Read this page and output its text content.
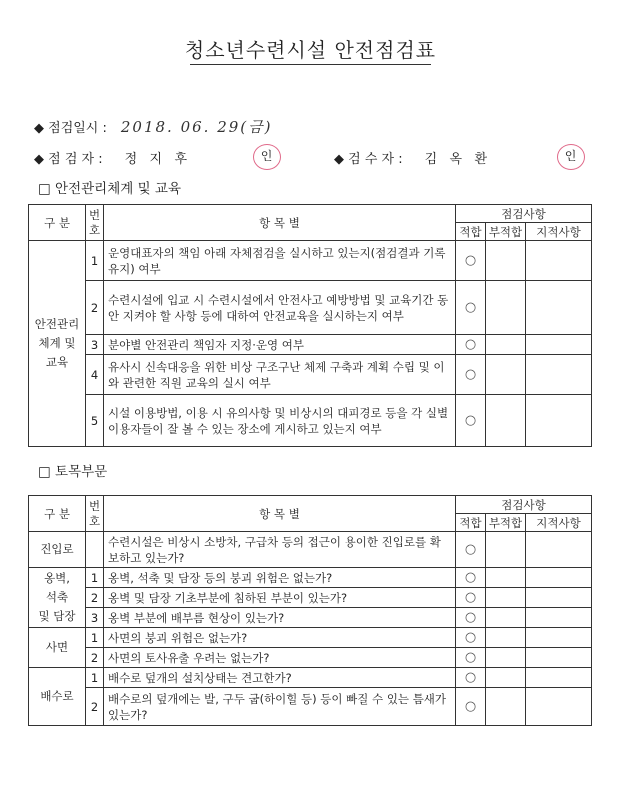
청소년수련시설 안전점검표
◆ 점검일시 : 2018. 06. 29(금)
◆ 점 검 자 : 정   지   후	인	◆ 검 수 자 : 김   옥   환	인
□ 안전관리체계 및 교육
구 분	번
호	항 목 별	점검사항		
			적합	부적합	지적사항
안전관리
체계 및
교육	1	운영대표자의 책임 아래 자체점검을 실시하고 있는지(점검결과 기록유지) 여부	○		
	2	수련시설에 입교 시 수련시설에서 안전사고 예방방법 및 교육기간 동안 지켜야 할 사항 등에 대하여 안전교육을 실시하는지 여부	○		
	3	분야별 안전관리 책임자 지정·운영 여부	○		
	4	유사시 신속대응을 위한 비상 구조구난 체제 구축과 계획 수립 및 이와 관련한 직원 교육의 실시 여부	○		
	5	시설 이용방법, 이용 시 유의사항 및 비상시의 대피경로 등을 각 실별 이용자들이 잘 볼 수 있는 장소에 게시하고 있는지 여부	○		
□ 토목부문
구 분	번
호	항 목 별	점검사항		
			적합	부적합	지적사항
진입로		수련시설은 비상시 소방차, 구급차 등의 접근이 용이한 진입로를 확보하고 있는가?	○		
옹벽,
석축
및 담장	1	옹벽, 석축 및 담장 등의 붕괴 위험은 없는가?	○		
	2	옹벽 및 담장 기초부분에 침하된 부분이 있는가?	○		
	3	옹벽 부분에 배부름 현상이 있는가?	○		
사면	1	사면의 붕괴 위험은 없는가?	○		
	2	사면의 토사유출 우려는 없는가?	○		
배수로	1	배수로 덮개의 설치상태는 견고한가?	○		
	2	배수로의 덮개에는 발, 구두 굽(하이힐 등) 등이 빠질 수 있는 틈새가 있는가?	○		
